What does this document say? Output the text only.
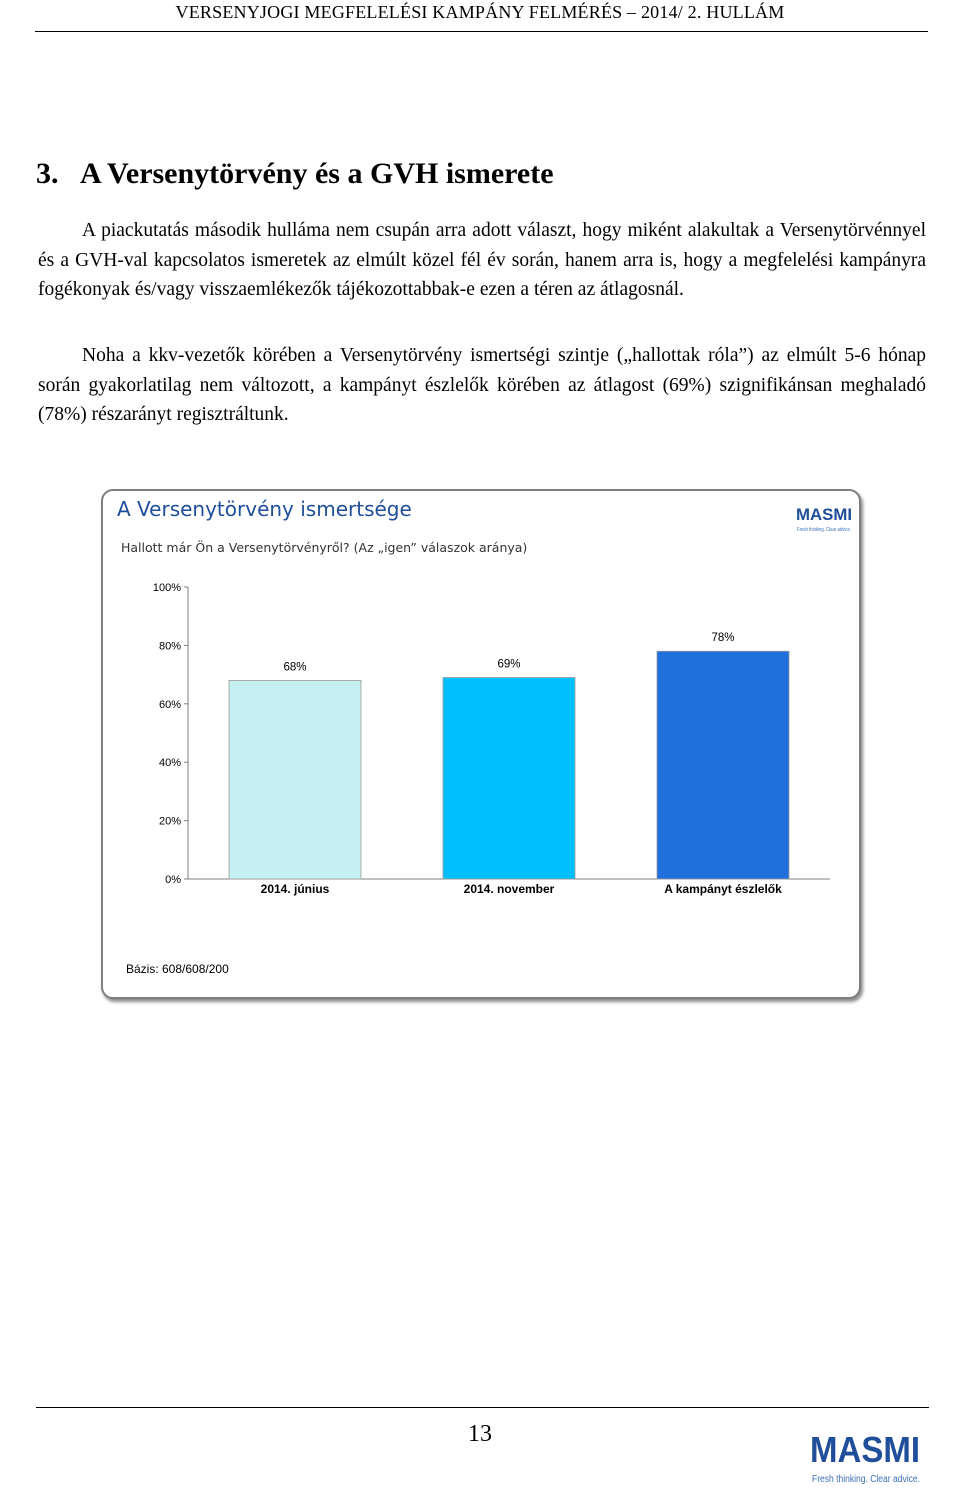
VERSENYJOGI MEGFELELÉSI KAMPÁNY FELMÉRÉS – 2014/ 2. HULLÁM
3. A Versenytörvény és a GVH ismerete

A piackutatás második hulláma nem csupán arra adott választ, hogy miként alakultak a Versenytörvénnyel és a GVH-val kapcsolatos ismeretek az elmúlt közel fél év során, hanem arra is, hogy a megfelelési kampányra fogékonyak és/vagy visszaemlékezők tájékozottabbak-e ezen a téren az átlagosnál.

Noha a kkv-vezetők körében a Versenytörvény ismertségi szintje („hallottak róla”) az elmúlt 5-6 hónap során gyakorlatilag nem változott, a kampányt észlelők körében az átlagost (69%) szignifikánsan meghaladó (78%) részarányt regisztráltunk.

A Versenytörvény ismertsége
Hallott már Ön a Versenytörvényről? (Az „igen” válaszok aránya)
MASMI
Fresh thinking. Clear advice.
0%
20%
40%
60%
80%
100%
68%
2014. június
69%
2014. november
78%
A kampányt észlelők
Bázis: 608/608/200
13	MASMI
Fresh thinking. Clear advice.
